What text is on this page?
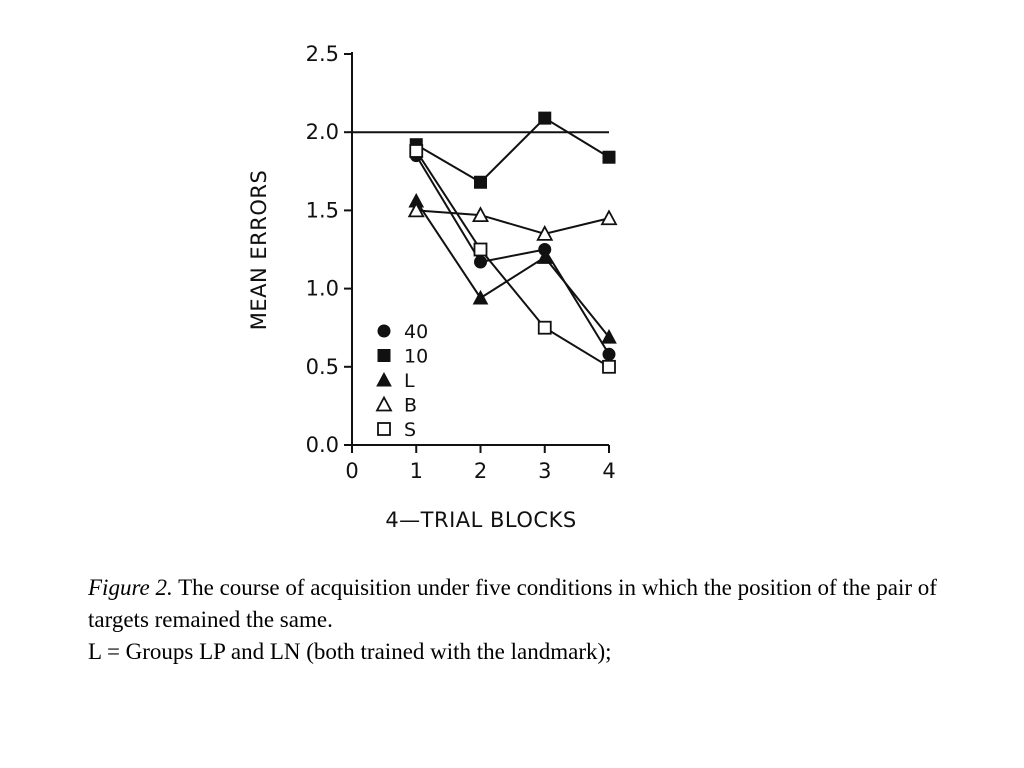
0.0
0.5
1.0
1.5
2.0
2.5
0 1 2 3 4
40
10
L
B
S
4—TRIAL BLOCKS
MEAN ERRORS
Figure 2. The course of acquisition under five conditions in which the position of the pair of targets remained the same.
L = Groups LP and LN (both trained with the landmark);
